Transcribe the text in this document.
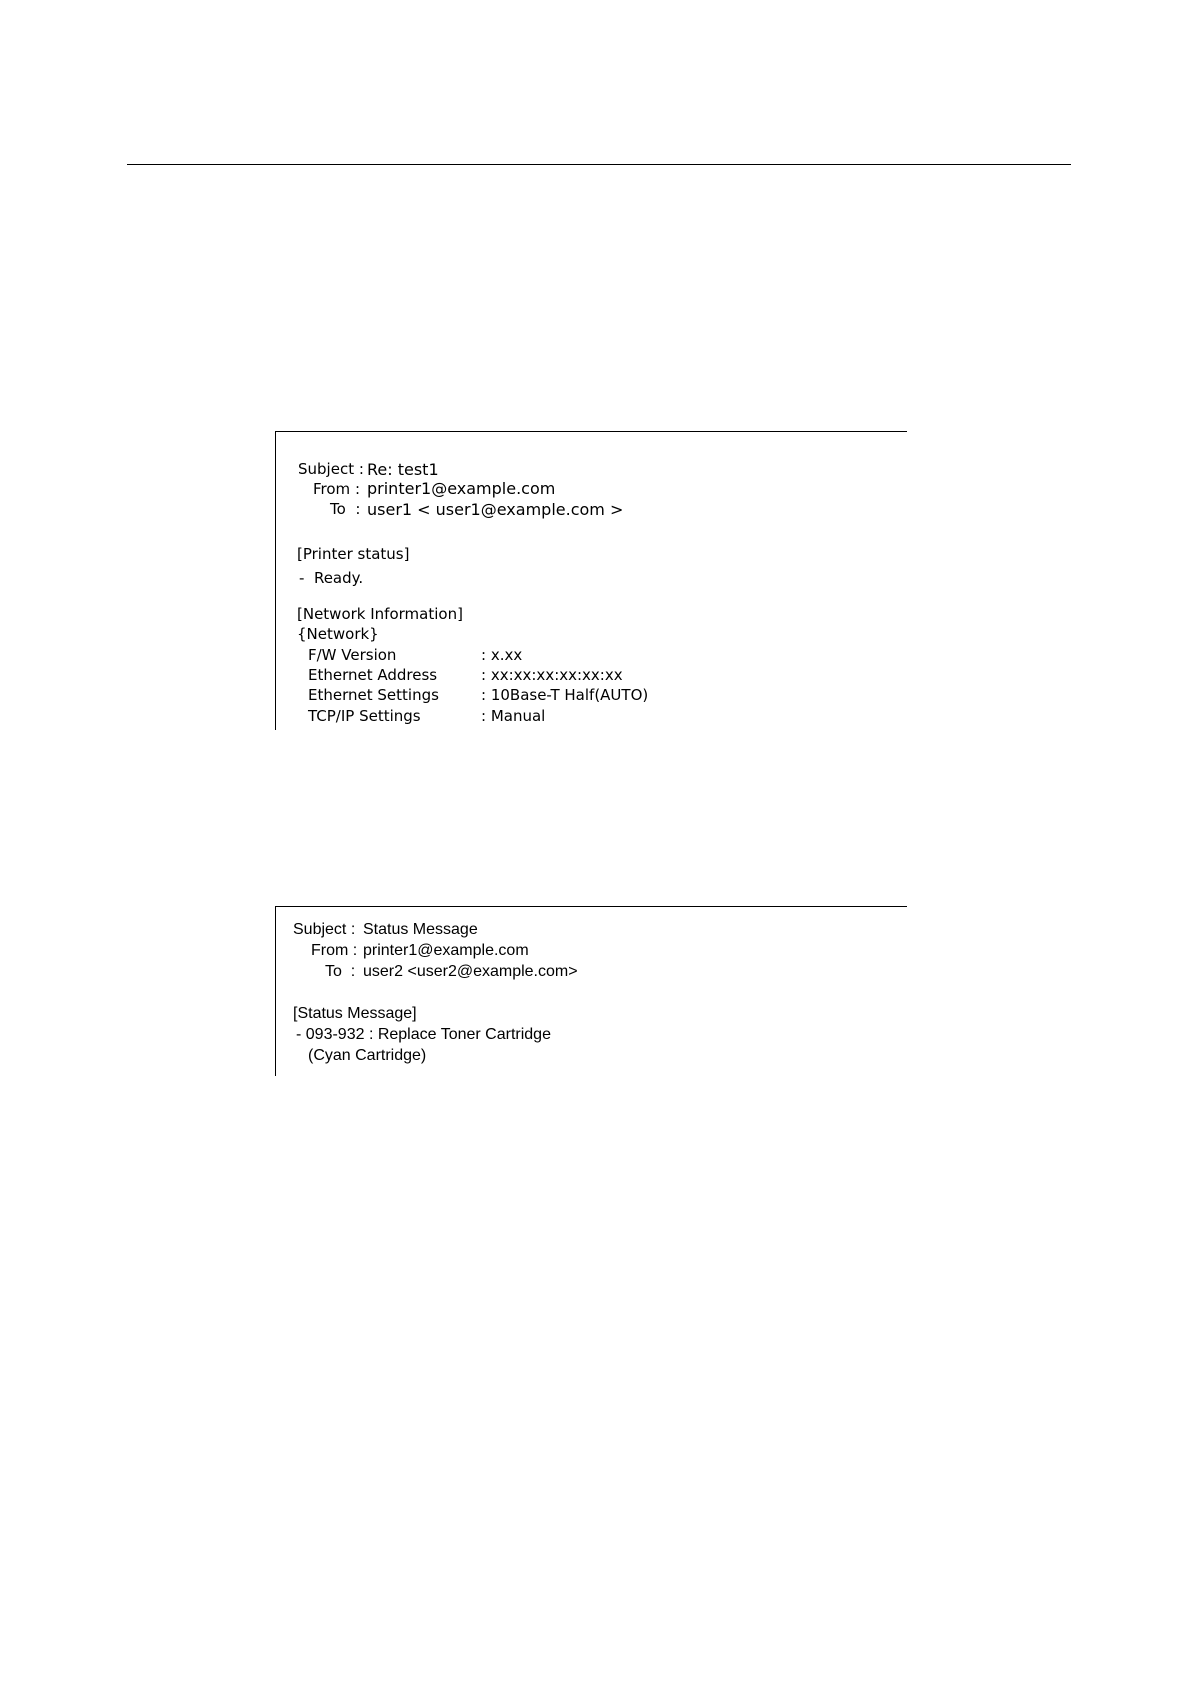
Subject : Re: test1
From : printer1@example.com
To  : user1 < user1@example.com >
[Printer status]
-  Ready.
[Network Information]
{Network}
F/W Version	: x.xx
Ethernet Address	: xx:xx:xx:xx:xx:xx
Ethernet Settings	: 10Base-T Half(AUTO)
TCP/IP Settings	: Manual
Subject : Status Message
From : printer1@example.com
To  : user2 <user2@example.com>
[Status Message]
- 093-932 : Replace Toner Cartridge
(Cyan Cartridge)
